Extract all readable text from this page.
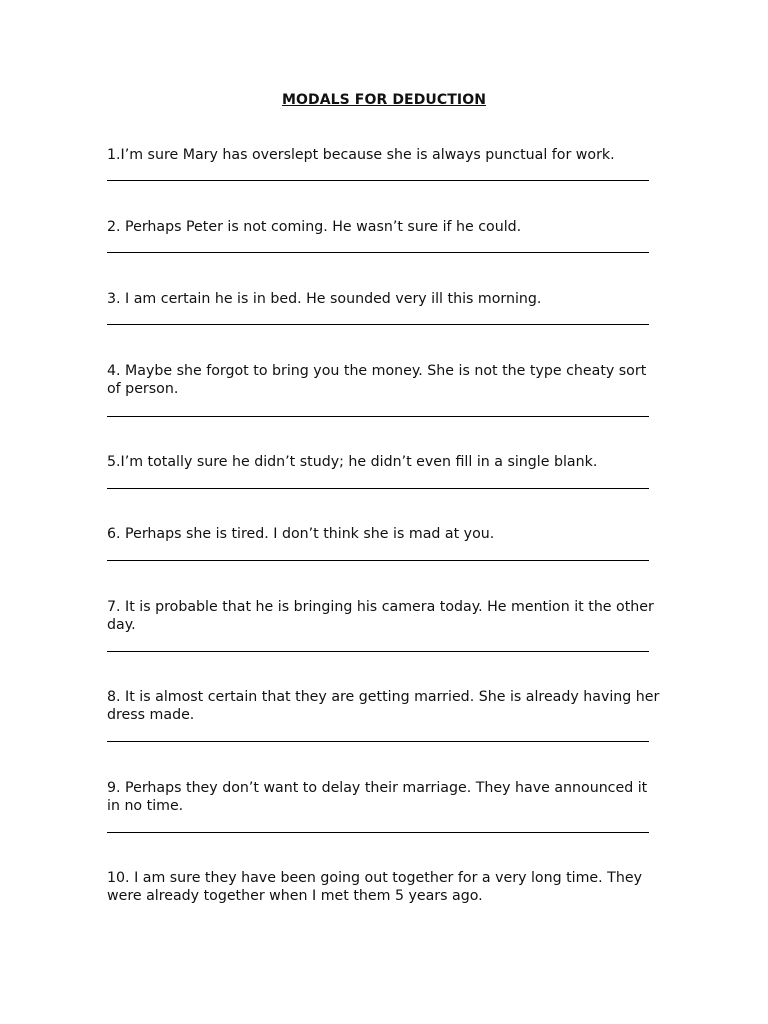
MODALS FOR DEDUCTION
1.I’m sure Mary has overslept because she is always punctual for work.
2. Perhaps Peter is not coming. He wasn’t sure if he could.
3. I am certain he is in bed. He sounded very ill this morning.
4. Maybe she forgot to bring you the money. She is not the type cheaty sort of person.
5.I’m totally sure he didn’t study; he didn’t even fill in a single blank.
6. Perhaps she is tired. I don’t think she is mad at you.
7. It is probable that he is bringing his camera today. He mention it the other day.
8. It is almost certain that they are getting married. She is already having her dress made.
9. Perhaps they don’t want to delay their marriage. They have announced it in no time.
10. I am sure they have been going out together for a very long time. They were already together when I met them 5 years ago.
